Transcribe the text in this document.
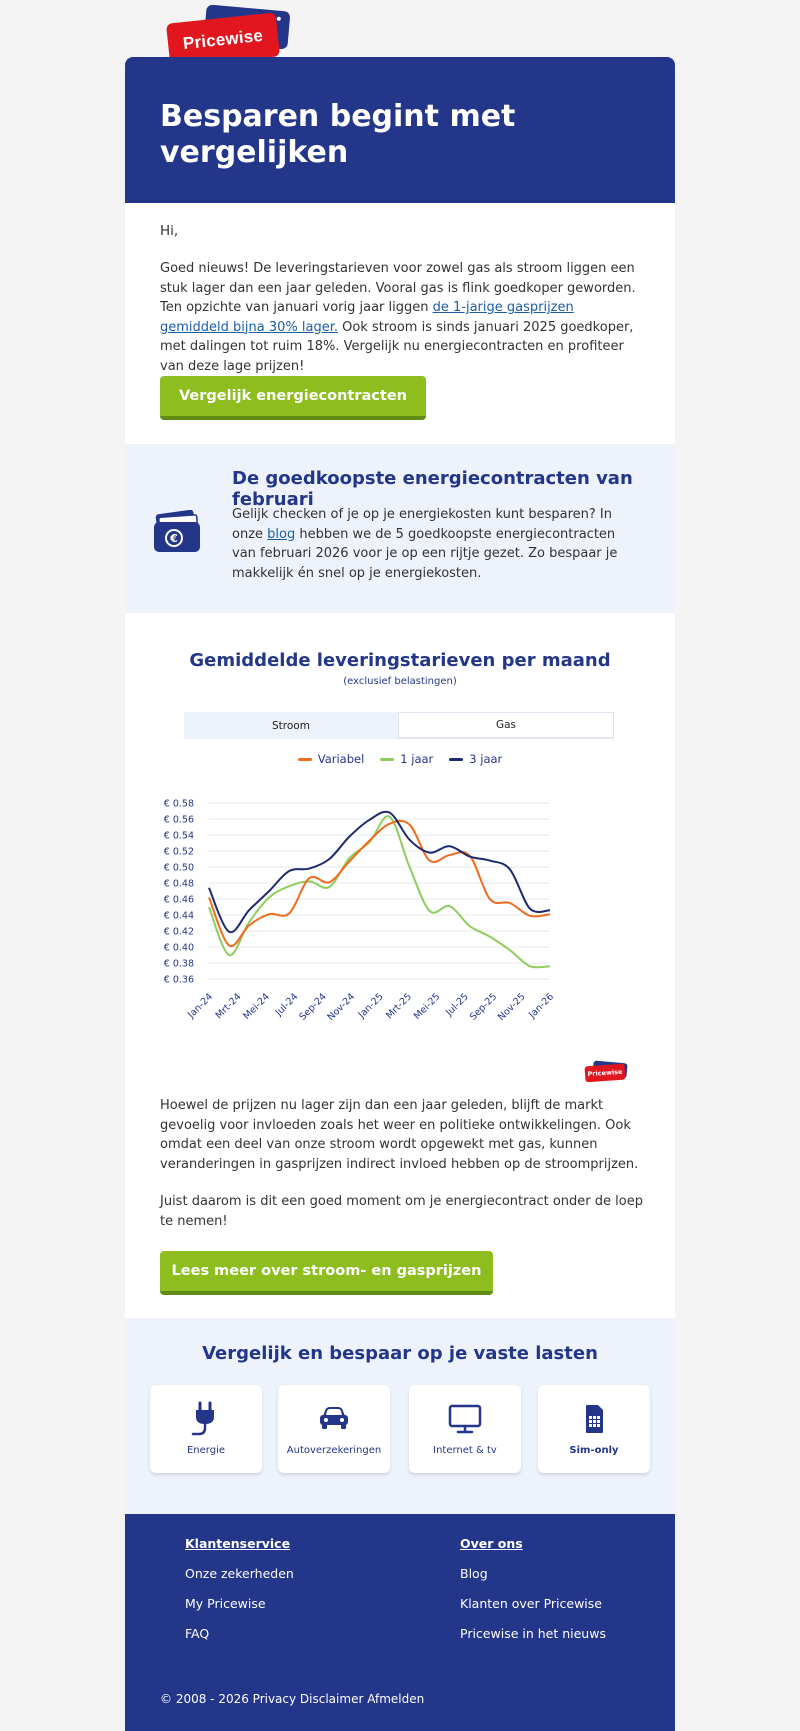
Pricewise
Besparen begint met vergelijken
Hi,
Goed nieuws! De leveringstarieven voor zowel gas als stroom liggen een stuk lager dan een jaar geleden. Vooral gas is flink goedkoper geworden. Ten opzichte van januari vorig jaar liggen de 1-jarige gasprijzen gemiddeld bijna 30% lager. Ook stroom is sinds januari 2025 goedkoper, met dalingen tot ruim 18%. Vergelijk nu energiecontracten en profiteer van deze lage prijzen!
Vergelijk energiecontracten
€
De goedkoopste energiecontracten van februari

Gelijk checken of je op je energiekosten kunt besparen? In onze blog hebben we de 5 goedkoopste energiecontracten van februari 2026 voor je op een rijtje gezet. Zo bespaar je makkelijk én snel op je energiekosten.

Gemiddelde leveringstarieven per maand
(exclusief belastingen)
Stroom	Gas
Variabel	1 jaar	3 jaar
€ 0.58
€ 0.56
€ 0.54
€ 0.52
€ 0.50
€ 0.48
€ 0.46
€ 0.44
€ 0.42
€ 0.40
€ 0.38
€ 0.36
Jan-24
Mrt-24
Mei-24 Jul-24
Sep-24
Nov-24 Jan-25
Mrt-25
Mei-25 Jul-25
Sep-25
Nov-25 Jan-26
Pricewise
Hoewel de prijzen nu lager zijn dan een jaar geleden, blijft de markt gevoelig voor invloeden zoals het weer en politieke ontwikkelingen. Ook omdat een deel van onze stroom wordt opgewekt met gas, kunnen veranderingen in gasprijzen indirect invloed hebben op de stroomprijzen.
Juist daarom is dit een goed moment om je energiecontract onder de loep te nemen!
Lees meer over stroom- en gasprijzen
Vergelijk en bespaar op je vaste lasten
Energie	Autoverzekeringen	Internet & tv	Sim-only
Klantenservice
Onze zekerheden
My Pricewise
FAQ
Over ons
Blog
Klanten over Pricewise
Pricewise in het nieuws
© 2008 - 2026 Privacy Disclaimer Afmelden
